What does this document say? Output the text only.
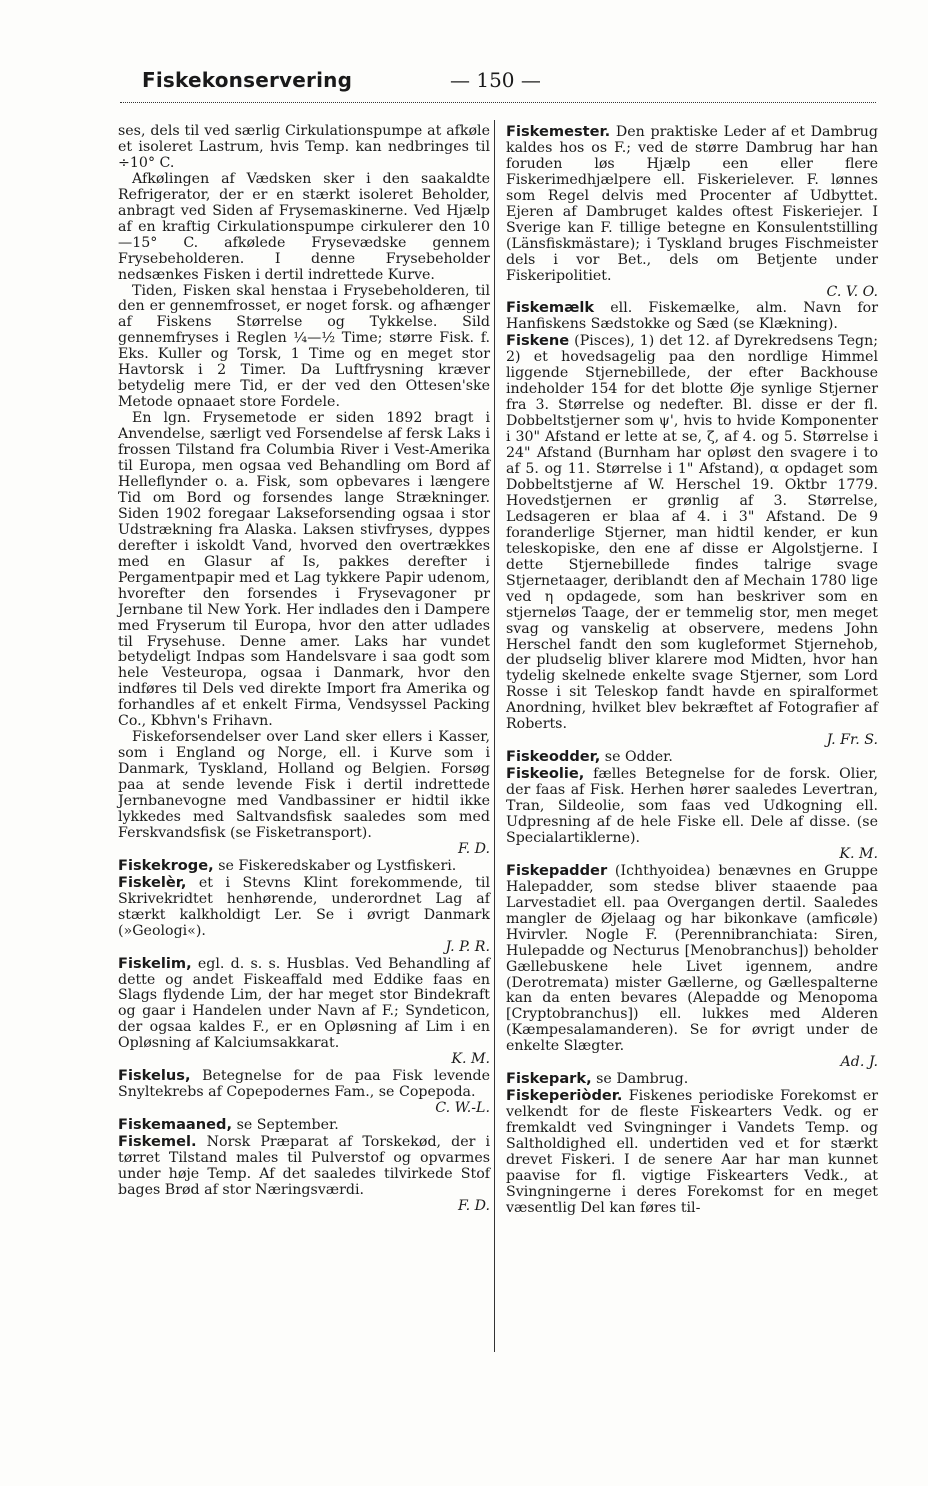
Fiskekonservering	— 150 —

ses, dels til ved særlig Cirkulationspumpe at afkøle et isoleret Lastrum, hvis Temp. kan nedbringes til ÷10° C.

Afkølingen af Vædsken sker i den saakaldte Refrigerator, der er en stærkt isoleret Beholder, anbragt ved Siden af Frysemaskinerne. Ved Hjælp af en kraftig Cirkulationspumpe cirkulerer den 10—15° C. afkølede Frysevædske gennem Frysebeholderen. I denne Frysebeholder nedsænkes Fisken i dertil indrettede Kurve.

Tiden, Fisken skal henstaa i Frysebeholderen, til den er gennemfrosset, er noget forsk. og afhænger af Fiskens Størrelse og Tykkelse. Sild gennemfryses i Reglen ¼—½ Time; større Fisk. f. Eks. Kuller og Torsk, 1 Time og en meget stor Havtorsk i 2 Timer. Da Luftfrysning kræver betydelig mere Tid, er der ved den Ottesen'ske Metode opnaaet store Fordele.

En lgn. Frysemetode er siden 1892 bragt i Anvendelse, særligt ved Forsendelse af fersk Laks i frossen Tilstand fra Columbia River i Vest-Amerika til Europa, men ogsaa ved Behandling om Bord af Helleflynder o. a. Fisk, som opbevares i længere Tid om Bord og forsendes lange Strækninger. Siden 1902 foregaar Lakseforsending ogsaa i stor Udstrækning fra Alaska. Laksen stivfryses, dyppes derefter i iskoldt Vand, hvorved den overtrækkes med en Glasur af Is, pakkes derefter i Pergamentpapir med et Lag tykkere Papir udenom, hvorefter den forsendes i Frysevagoner pr Jernbane til New York. Her indlades den i Dampere med Fryserum til Europa, hvor den atter udlades til Frysehuse. Denne amer. Laks har vundet betydeligt Indpas som Handelsvare i saa godt som hele Vesteuropa, ogsaa i Danmark, hvor den indføres til Dels ved direkte Import fra Amerika og forhandles af et enkelt Firma, Vendsyssel Packing Co., Kbhvn's Frihavn.

Fiskeforsendelser over Land sker ellers i Kasser, som i England og Norge, ell. i Kurve som i Danmark, Tyskland, Holland og Belgien. Forsøg paa at sende levende Fisk i dertil indrettede Jernbanevogne med Vandbassiner er hidtil ikke lykkedes med Saltvandsfisk saaledes som med Ferskvandsfisk (se Fisketransport).

F. D.

Fiskekroge, se Fiskeredskaber og Lystfiskeri.

Fiskelèr, et i Stevns Klint forekommende, til Skrivekridtet henhørende, underordnet Lag af stærkt kalkholdigt Ler. Se i øvrigt Danmark (»Geologi«).

J. P. R.

Fiskelim, egl. d. s. s. Husblas. Ved Behandling af dette og andet Fiskeaffald med Eddike faas en Slags flydende Lim, der har meget stor Bindekraft og gaar i Handelen under Navn af F.; Syndeticon, der ogsaa kaldes F., er en Opløsning af Lim i en Opløsning af Kalciumsakkarat.

K. M.

Fiskelus, Betegnelse for de paa Fisk levende Snyltekrebs af Copepodernes Fam., se Copepoda.

C. W.-L.

Fiskemaaned, se September.

Fiskemel. Norsk Præparat af Torskekød, der i tørret Tilstand males til Pulverstof og opvarmes under høje Temp. Af det saaledes tilvirkede Stof bages Brød af stor Næringsværdi.

F. D.

Fiskemester. Den praktiske Leder af et Dambrug kaldes hos os F.; ved de større Dambrug har han foruden løs Hjælp een eller flere Fiskerimedhjælpere ell. Fiskerielever. F. lønnes som Regel delvis med Procenter af Udbyttet. Ejeren af Dambruget kaldes oftest Fiskeriejer. I Sverige kan F. tillige betegne en Konsulentstilling (Länsfiskmästare); i Tyskland bruges Fischmeister dels i vor Bet., dels om Betjente under Fiskeripolitiet.

C. V. O.

Fiskemælk ell. Fiskemælke, alm. Navn for Hanfiskens Sædstokke og Sæd (se Klækning).

Fiskene (Pisces), 1) det 12. af Dyrekredsens Tegn; 2) et hovedsagelig paa den nordlige Himmel liggende Stjernebillede, der efter Backhouse indeholder 154 for det blotte Øje synlige Stjerner fra 3. Størrelse og nedefter. Bl. disse er der fl. Dobbeltstjerner som ψ', hvis to hvide Komponenter i 30" Afstand er lette at se, ζ, af 4. og 5. Størrelse i 24" Afstand (Burnham har opløst den svagere i to af 5. og 11. Størrelse i 1" Afstand), α opdaget som Dobbeltstjerne af W. Herschel 19. Oktbr 1779. Hovedstjernen er grønlig af 3. Størrelse, Ledsageren er blaa af 4. i 3" Afstand. De 9 foranderlige Stjerner, man hidtil kender, er kun teleskopiske, den ene af disse er Algolstjerne. I dette Stjernebillede findes talrige svage Stjernetaager, deriblandt den af Mechain 1780 lige ved η opdagede, som han beskriver som en stjerneløs Taage, der er temmelig stor, men meget svag og vanskelig at observere, medens John Herschel fandt den som kugleformet Stjernehob, der pludselig bliver klarere mod Midten, hvor han tydelig skelnede enkelte svage Stjerner, som Lord Rosse i sit Teleskop fandt havde en spiralformet Anordning, hvilket blev bekræftet af Fotografier af Roberts.

J. Fr. S.

Fiskeodder, se Odder.

Fiskeolie, fælles Betegnelse for de forsk. Olier, der faas af Fisk. Herhen hører saaledes Levertran, Tran, Sildeolie, som faas ved Udkogning ell. Udpresning af de hele Fiske ell. Dele af disse. (se Specialartiklerne).

K. M.

Fiskepadder (Ichthyoidea) benævnes en Gruppe Halepadder, som stedse bliver staaende paa Larvestadiet ell. paa Overgangen dertil. Saaledes mangler de Øjelaag og har bikonkave (amficøle) Hvirvler. Nogle F. (Perennibranchiata: Siren, Hulepadde og Necturus [Menobranchus]) beholder Gællebuskene hele Livet igennem, andre (Derotremata) mister Gællerne, og Gællespalterne kan da enten bevares (Alepadde og Menopoma [Cryptobranchus]) ell. lukkes med Alderen (Kæmpesalamanderen). Se for øvrigt under de enkelte Slægter.

Ad. J.

Fiskepark, se Dambrug.

Fiskeperiòder. Fiskenes periodiske Forekomst er velkendt for de fleste Fiskearters Vedk. og er fremkaldt ved Svingninger i Vandets Temp. og Saltholdighed ell. undertiden ved et for stærkt drevet Fiskeri. I de senere Aar har man kunnet paavise for fl. vigtige Fiskearters Vedk., at Svingningerne i deres Forekomst for en meget væsentlig Del kan føres til-
